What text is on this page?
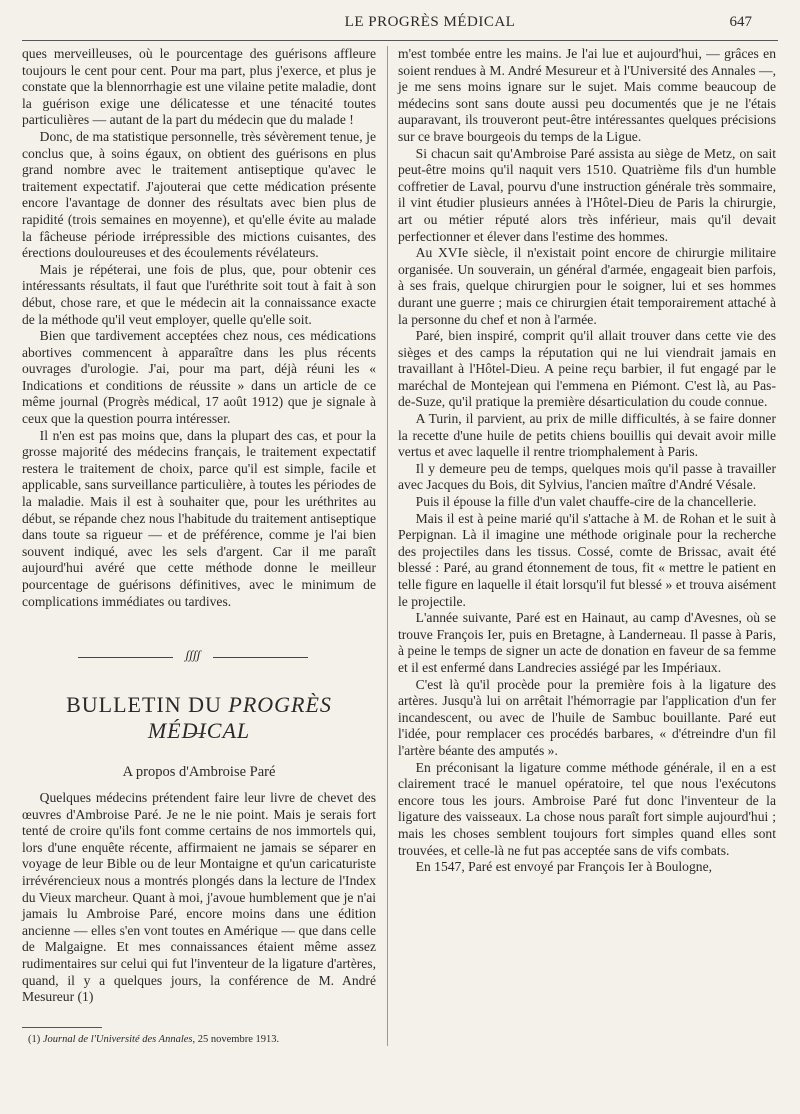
LE PROGRÈS MÉDICAL	647

ques merveilleuses, où le pourcentage des guérisons affleure toujours le cent pour cent. Pour ma part, plus j'exerce, et plus je constate que la blennorrhagie est une vilaine petite maladie, dont la guérison exige une délicatesse et une ténacité toutes particulières — autant de la part du médecin que du malade !

Donc, de ma statistique personnelle, très sévèrement tenue, je conclus que, à soins égaux, on obtient des guérisons en plus grand nombre avec le traitement antiseptique qu'avec le traitement expectatif. J'ajouterai que cette médication présente encore l'avantage de donner des résultats avec bien plus de rapidité (trois semaines en moyenne), et qu'elle évite au malade la fâcheuse période irrépressible des mictions cuisantes, des érections douloureuses et des écoulements révélateurs.

Mais je répéterai, une fois de plus, que, pour obtenir ces intéressants résultats, il faut que l'uréthrite soit tout à fait à son début, chose rare, et que le médecin ait la connaissance exacte de la méthode qu'il veut employer, quelle qu'elle soit.

Bien que tardivement acceptées chez nous, ces médications abortives commencent à apparaître dans les plus récents ouvrages d'urologie. J'ai, pour ma part, déjà réuni les « Indications et conditions de réussite » dans un article de ce même journal (Progrès médical, 17 août 1912) que je signale à ceux que la question pourra intéresser.

Il n'en est pas moins que, dans la plupart des cas, et pour la grosse majorité des médecins français, le traitement expectatif restera le traitement de choix, parce qu'il est simple, facile et applicable, sans surveillance particulière, à toutes les périodes de la maladie. Mais il est à souhaiter que, pour les uréthrites au début, se répande chez nous l'habitude du traitement antiseptique dans toute sa rigueur — et de préférence, comme je l'ai bien souvent indiqué, avec les sels d'argent. Car il me paraît aujourd'hui avéré que cette méthode donne le meilleur pourcentage de guérisons définitives, avec le minimum de complications immédiates ou tardives.

ʃʃʃʃ
BULLETIN DU PROGRÈS MÉDICAL
A propos d'Ambroise Paré

Quelques médecins prétendent faire leur livre de chevet des œuvres d'Ambroise Paré. Je ne le nie point. Mais je serais fort tenté de croire qu'ils font comme certains de nos immortels qui, lors d'une enquête récente, affirmaient ne jamais se séparer en voyage de leur Bible ou de leur Montaigne et qu'un caricaturiste irrévérencieux nous a montrés plongés dans la lecture de l'Index du Vieux marcheur. Quant à moi, j'avoue humblement que je n'ai jamais lu Ambroise Paré, encore moins dans une édition ancienne — elles s'en vont toutes en Amérique — que dans celle de Malgaigne. Et mes connaissances étaient même assez rudimentaires sur celui qui fut l'inventeur de la ligature d'artères, quand, il y a quelques jours, la conférence de M. André Mesureur (1)

(1) Journal de l'Université des Annales, 25 novembre 1913.

m'est tombée entre les mains. Je l'ai lue et aujourd'hui, — grâces en soient rendues à M. André Mesureur et à l'Université des Annales —, je me sens moins ignare sur le sujet. Mais comme beaucoup de médecins sont sans doute aussi peu documentés que je ne l'étais auparavant, ils trouveront peut-être intéressantes quelques précisions sur ce brave bourgeois du temps de la Ligue.

Si chacun sait qu'Ambroise Paré assista au siège de Metz, on sait peut-être moins qu'il naquit vers 1510. Quatrième fils d'un humble coffretier de Laval, pourvu d'une instruction générale très sommaire, il vint étudier plusieurs années à l'Hôtel-Dieu de Paris la chirurgie, art ou métier réputé alors très inférieur, mais qu'il devait perfectionner et élever dans l'estime des hommes.

Au XVIe siècle, il n'existait point encore de chirurgie militaire organisée. Un souverain, un général d'armée, engageait bien parfois, à ses frais, quelque chirurgien pour le soigner, lui et ses hommes durant une guerre ; mais ce chirurgien était temporairement attaché à la personne du chef et non à l'armée.

Paré, bien inspiré, comprit qu'il allait trouver dans cette vie des sièges et des camps la réputation qui ne lui viendrait jamais en travaillant à l'Hôtel-Dieu. A peine reçu barbier, il fut engagé par le maréchal de Montejean qui l'emmena en Piémont. C'est là, au Pas-de-Suze, qu'il pratique la première désarticulation du coude connue.

A Turin, il parvient, au prix de mille difficultés, à se faire donner la recette d'une huile de petits chiens bouillis qui devait avoir mille vertus et avec laquelle il rentre triomphalement à Paris.

Il y demeure peu de temps, quelques mois qu'il passe à travailler avec Jacques du Bois, dit Sylvius, l'ancien maître d'André Vésale.

Puis il épouse la fille d'un valet chauffe-cire de la chancellerie.

Mais il est à peine marié qu'il s'attache à M. de Rohan et le suit à Perpignan. Là il imagine une méthode originale pour la recherche des projectiles dans les tissus. Cossé, comte de Brissac, avait été blessé : Paré, au grand étonnement de tous, fit « mettre le patient en telle figure en laquelle il était lorsqu'il fut blessé » et trouva aisément le projectile.

L'année suivante, Paré est en Hainaut, au camp d'Avesnes, où se trouve François Ier, puis en Bretagne, à Landerneau. Il passe à Paris, à peine le temps de signer un acte de donation en faveur de sa femme et il est enfermé dans Landrecies assiégé par les Impériaux.

C'est là qu'il procède pour la première fois à la ligature des artères. Jusqu'à lui on arrêtait l'hémorragie par l'application d'un fer incandescent, ou avec de l'huile de Sambuc bouillante. Paré eut l'idée, pour remplacer ces procédés barbares, « d'étreindre d'un fil l'artère béante des amputés ».

En préconisant la ligature comme méthode générale, il en a est clairement tracé le manuel opératoire, tel que nous l'exécutons encore tous les jours. Ambroise Paré fut donc l'inventeur de la ligature des vaisseaux. La chose nous paraît fort simple aujourd'hui ; mais les choses semblent toujours fort simples quand elles sont trouvées, et celle-là ne fut pas acceptée sans de vifs combats.

En 1547, Paré est envoyé par François Ier à Boulogne,
